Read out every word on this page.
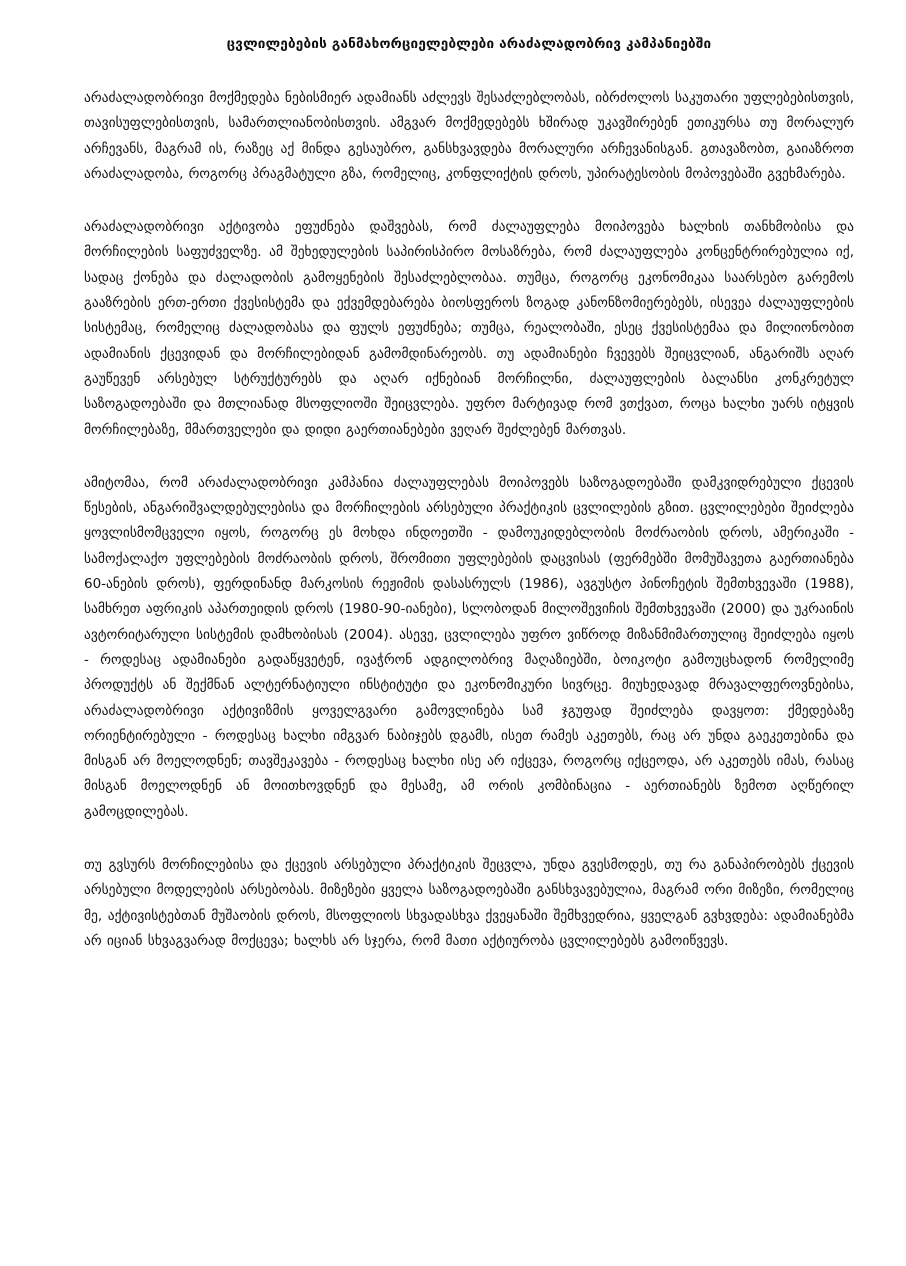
ცვლილებების განმახორციელებლები არაძალადობრივ კამპანიებში

არაძალადობრივი მოქმედება ნებისმიერ ადამიანს აძლევს შესაძლებლობას, იბრძოლოს საკუთარი უფლებებისთვის, თავისუფლებისთვის, სამართლიანობისთვის. ამგვარ მოქმედებებს ხშირად უკავშირებენ ეთიკურსა თუ მორალურ არჩევანს, მაგრამ ის, რაზეც აქ მინდა გესაუბრო, განსხვავდება მორალური არჩევანისგან. გთავაზობთ, გაიაზროთ არაძალადობა, როგორც პრაგმატული გზა, რომელიც, კონფლიქტის დროს, უპირატესობის მოპოვებაში გვეხმარება.

არაძალადობრივი აქტივობა ეფუძნება დაშვებას, რომ ძალაუფლება მოიპოვება ხალხის თანხმობისა და მორჩილების საფუძველზე. ამ შეხედულების საპირისპირო მოსაზრება, რომ ძალაუფლება კონცენტრირებულია იქ, სადაც ქონება და ძალადობის გამოყენების შესაძლებლობაა. თუმცა, როგორც ეკონომიკაა საარსებო გარემოს გააზრების ერთ-ერთი ქვესისტემა და ექვემდებარება ბიოსფეროს ზოგად კანონზომიერებებს, ისევეა ძალაუფლების სისტემაც, რომელიც ძალადობასა და ფულს ეფუძნება; თუმცა, რეალობაში, ესეც ქვესისტემაა და მილიონობით ადამიანის ქცევიდან და მორჩილებიდან გამომდინარეობს. თუ ადამიანები ჩვევებს შეიცვლიან, ანგარიშს აღარ გაუწევენ არსებულ სტრუქტურებს და აღარ იქნებიან მორჩილნი, ძალაუფლების ბალანსი კონკრეტულ საზოგადოებაში და მთლიანად მსოფლიოში შეიცვლება. უფრო მარტივად რომ ვთქვათ, როცა ხალხი უარს იტყვის მორჩილებაზე, მმართველები და დიდი გაერთიანებები ვეღარ შეძლებენ მართვას.

ამიტომაა, რომ არაძალადობრივი კამპანია ძალაუფლებას მოიპოვებს საზოგადოებაში დამკვიდრებული ქცევის წესების, ანგარიშვალდებულებისა და მორჩილების არსებული პრაქტიკის ცვლილების გზით. ცვლილებები შეიძლება ყოვლისმომცველი იყოს, როგორც ეს მოხდა ინდოეთში - დამოუკიდებლობის მოძრაობის დროს, ამერიკაში - სამოქალაქო უფლებების მოძრაობის დროს, შრომითი უფლებების დაცვისას (ფერმებში მომუშავეთა გაერთიანება 60-ანების დროს), ფერდინანდ მარკოსის რეჟიმის დასასრულს (1986), ავგუსტო პინოჩეტის შემთხვევაში (1988), სამხრეთ აფრიკის აპართეიდის დროს (1980-90-იანები), სლობოდან მილოშევიჩის შემთხვევაში (2000) და უკრაინის ავტორიტარული სისტემის დამხობისას (2004). ასევე, ცვლილება უფრო ვიწროდ მიზანმიმართულიც შეიძლება იყოს - როდესაც ადამიანები გადაწყვეტენ, ივაჭრონ ადგილობრივ მაღაზიებში, ბოიკოტი გამოუცხადონ რომელიმე პროდუქტს ან შექმნან ალტერნატიული ინსტიტუტი და ეკონომიკური სივრცე. მიუხედავად მრავალფეროვნებისა, არაძალადობრივი აქტივიზმის ყოველგვარი გამოვლინება სამ ჯგუფად შეიძლება დავყოთ: ქმედებაზე ორიენტირებული - როდესაც ხალხი იმგვარ ნაბიჯებს დგამს, ისეთ რამეს აკეთებს, რაც არ უნდა გაეკეთებინა და მისგან არ მოელოდნენ; თავშეკავება - როდესაც ხალხი ისე არ იქცევა, როგორც იქცეოდა, არ აკეთებს იმას, რასაც მისგან მოელოდნენ ან მოითხოვდნენ და მესამე, ამ ორის კომბინაცია - აერთიანებს ზემოთ აღწერილ გამოცდილებას.

თუ გვსურს მორჩილებისა და ქცევის არსებული პრაქტიკის შეცვლა, უნდა გვესმოდეს, თუ რა განაპირობებს ქცევის არსებული მოდელების არსებობას. მიზეზები ყველა საზოგადოებაში განსხვავებულია, მაგრამ ორი მიზეზი, რომელიც მე, აქტივისტებთან მუშაობის დროს, მსოფლიოს სხვადასხვა ქვეყანაში შემხვედრია, ყველგან გვხვდება: ადამიანებმა არ იციან სხვაგვარად მოქცევა; ხალხს არ სჯერა, რომ მათი აქტიურობა ცვლილებებს გამოიწვევს.
